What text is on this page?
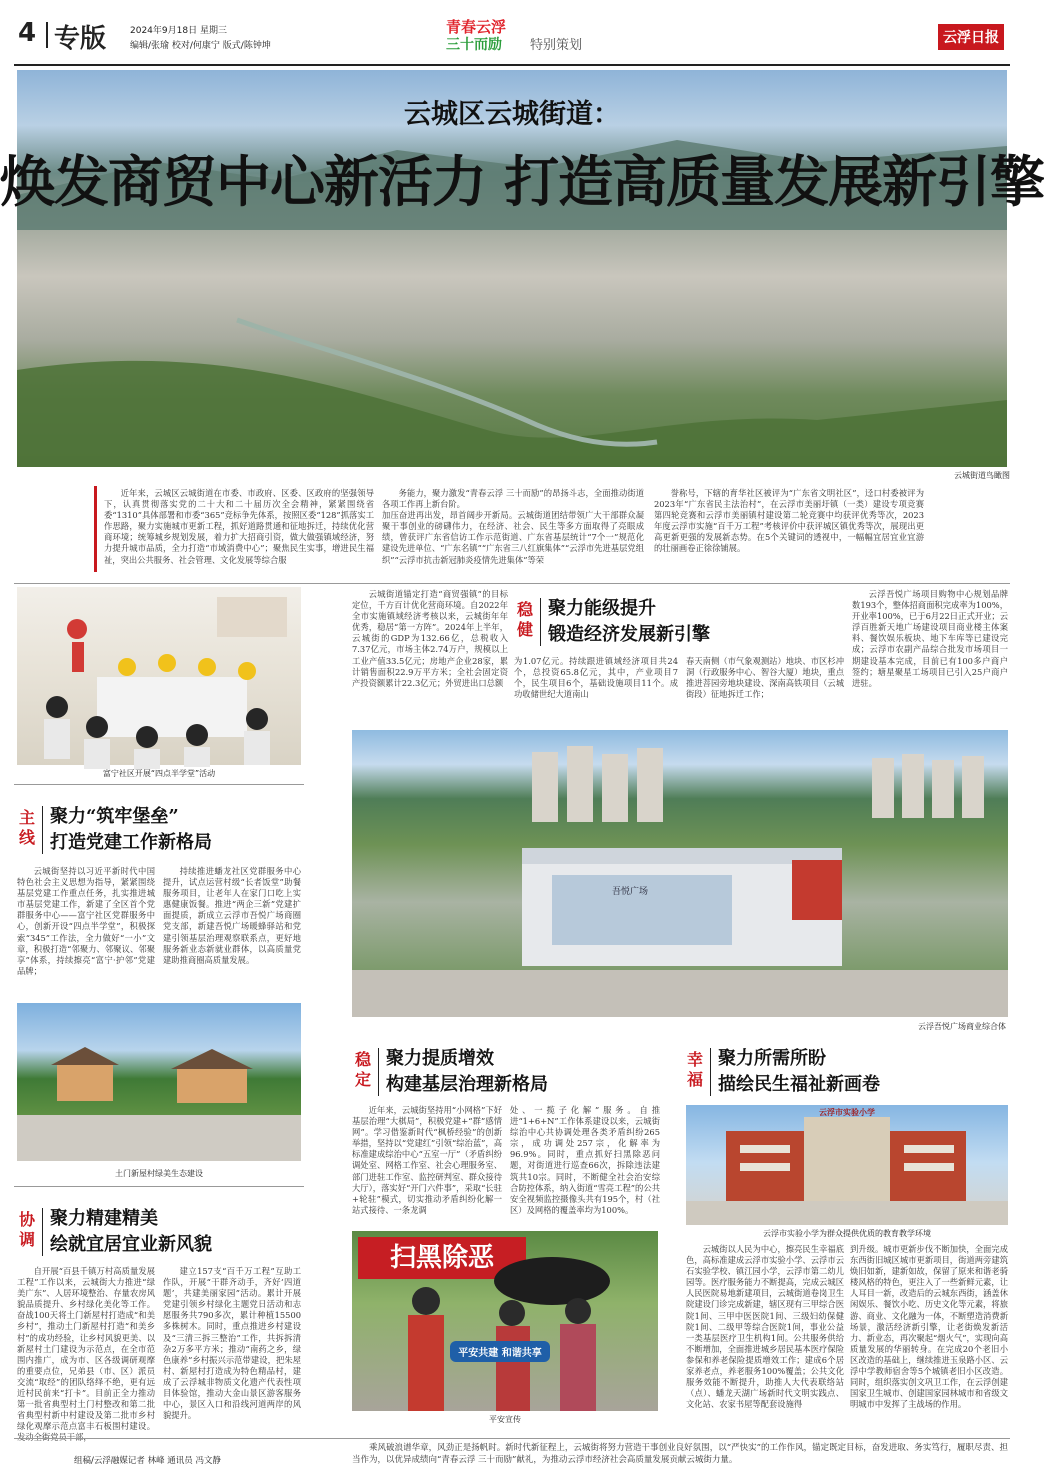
4 专版	2024年9月18日 星期三
编辑/张瑜 校对/何康宁 版式/陈钟坤
青春云浮
三十而励	特别策划	云浮日报
云城区云城街道：
焕发商贸中心新活力 打造高质量发展新引擎
云城街道鸟瞰图
近年来，云城区云城街道在市委、市政府、区委、区政府的坚强领导下，认真贯彻落实党的二十大和二十届历次全会精神，紧紧围绕省委“1310”具体部署和市委“365”竞标争先体系，按照区委“128”抓落实工作思路，聚力实施城市更新工程，抓好道路贯通和征地拆迁，持续优化营商环境；统筹城乡规划发展，着力扩大招商引资，做大做强镇域经济，努力提升城市品质，全力打造“市域消费中心”；聚焦民生实事，增进民生福祉，突出公共服务、社会管理、文化发展等综合服
务能力，聚力激发“青春云浮 三十而励”的昂扬斗志，全面推动街道各项工作再上新台阶。
加压奋进再出发，昂首阔步开新局。云城街道团结带领广大干部群众凝聚干事创业的磅礴伟力，在经济、社会、民生等多方面取得了亮眼成绩，曾获评广东省信访工作示范街道、广东省基层统计“7个一”规范化建设先进单位、“广东名镇”“广东省三八红旗集体”“云浮市先进基层党组织”“云浮市抗击新冠肺炎疫情先进集体”等荣
誉称号，下辖的育华社区被评为“广东省文明社区”，迳口村委被评为2023年“广东省民主法治村”，在云浮市美丽圩镇（一类）建设专项竞赛第四轮竞赛和云浮市美丽镇村建设第二轮竞赛中均获评优秀等次，2023年度云浮市实施“百千万工程”考核评价中获评城区镇优秀等次，展现出更高更新更强的发展新态势。在5个关键词的透视中，一幅幅宜居宜业宜游的壮丽画卷正徐徐铺展。
富宁社区开展“四点半学堂”活动
主
线
聚力“筑牢堡垒”
打造党建工作新格局
云城街坚持以习近平新时代中国特色社会主义思想为指导，紧紧围绕基层党建工作重点任务，扎实推进城市基层党建工作，新建了全区首个党群服务中心——富宁社区党群服务中心，创新开设“四点半学堂”，积极探索“345”工作法，全力做好“一小”文章，积极打造“邻聚力、邻聚议、邻聚享”体系，持续擦亮“富宁·护邻”党建品牌；
持续推进蟠龙社区党群服务中心提升，试点运营村级“长者饭堂”助餐服务项目，让老年人在家门口吃上实惠健康饭餐。推进“两企三新”党建扩面提质，新成立云浮市吾悦广场商圈党支部，新建吾悦广场暖蜂驿站和党建引领基层治理观察联系点，更好地服务新业态新就业群体，以高质量党建助推商圈高质量发展。
土门新屋村绿美生态建设
协
调
聚力精建精美
绘就宜居宜业新风貌
自开展“百县千镇万村高质量发展工程”工作以来，云城街大力推进“绿美广东”、人居环境整治、存量农房风貌品质提升、乡村绿化美化等工作。奋战100天将土门新屋村打造成“和美乡村”，推动土门新屋村打造“和美乡村”的成功经验，让乡村风貌更美、以新屋村土门建设为示范点，在全市范围内推广，成为市、区各级调研观摩的重要点位，兄弟县（市、区）派员交流“取经”的团队络绎不绝，更有远近村民前来“打卡”。目前正全力推动第一批省典型村土门村整改和第二批省典型村新中村建设及第二批市乡村绿化观摩示范点富丰石板围村建设。
建立157支“百千万工程”互助工作队，开展“干群齐动手，齐好‘四道题’，共建美丽家园”活动。累计开展党建引领乡村绿化主题党日活动和志愿服务共790多次，累计种植15500多株树木。同时，重点推进乡村建设及“三清三拆三整治”工作，共拆拆清杂2万多平方米；推动“南药之乡，绿色康养”乡村振兴示范带建设，把朱屋村、新屋村打造成为特色精品村，建成了云浮城非物质文化遗产代表性项目体验馆，推动大金山景区游客服务中心，景区入口和沿线河道两岸的风貌提升。
云城街道锚定打造“商贸强镇”的目标定位，千方百计优化营商环境。自2022年全市实施镇域经济考核以来，云城街年年优秀，稳居“第一方阵”。2024年上半年，云城街的GDP为132.66亿，总税收入7.37亿元，市场主体2.74万户，规模以上工业产值33.5亿元；房地产企业28家，累计销售面积22.9万平方米；全社会固定资产投资额累计22.3亿元；外贸进出口总额
稳
健
聚力能级提升
锻造经济发展新引擎
为1.07亿元。持续跟进镇域经济项目共24个，总投资65.8亿元，其中，产业项目7个，民生项目6个，基础设施项目11个。成功收储世纪大道南山
春天南侧（市气象观测站）地块、市区杉冲洞（行政服务中心、智谷大厦）地块，重点推进菩园旁地块建设、深南高铁项目（云城街段）征地拆迁工作；
云浮吾悦广场项目购物中心规划品牌数193个，整体招商面积完成率为100%，开业率100%，已于6月22日正式开业；云浮百胜新天地广场建设项目商业楼主体案料、餐饮娱乐板块、地下车库等已建设完成；云浮市农副产品综合批发市场项目一期建设基本完成，目前已有100多户商户签约；塘星聚星工场项目已引入25户商户进驻。
吾悦广场
云浮吾悦广场商业综合体
稳
定
聚力提质增效
构建基层治理新格局
近年来，云城街坚持用“小网格”下好基层治理“大棋局”，积极党建+“群”感情网”。学习借鉴新时代“枫桥经验”的创新举措，坚持以“党建红”引领“综治蓝”，高标准建成综治中心“五室一厅”（矛盾纠纷调处室、网格工作室、社会心理服务室、部门进驻工作室、监控研判室、群众接待大厅），落实好“开门六件事”，采取“长驻+轮驻”模式，切实推动矛盾纠纷化解一站式接待、一条龙调
处、一揽子化解”服务。自推进“1+6+N”工作体系建设以来，云城街综治中心共协调处理各类矛盾纠纷265宗，成功调处257宗，化解率为96.9%。同时，重点抓好扫黑除恶问题，对街道进行巡查66次，拆除违法建筑共10宗。同时，不断健全社会治安综合防控体系，纳入街道“雪亮工程”的公共安全视频监控摄像头共有195个，村（社区）及网格的覆盖率均为100%。
扫黑除恶
平安共建 和谐共享
平安宣传
幸
福
聚力所需所盼
描绘民生福祉新画卷
云浮市实验小学
云浮市实验小学为群众提供优质的教育教学环境
云城街以人民为中心，擦亮民生幸福底色，高标准建成云浮市实验小学、云浮市云石实验学校、镇江园小学，云浮市第二幼儿园等。医疗服务能力不断提高，完成云城区人民医院易地新建项目，云城街道卷岗卫生院建设门诊完成新建，辖区现有三甲综合医院1间、三甲中医医院1间、三级妇幼保健院1间、二级甲等综合医院1间，事业公益一类基层医疗卫生机构1间。公共服务供给不断增加，全面推进城乡居民基本医疗保险参保和养老保险提质增效工作；建成6个居家养老点，养老服务100%覆盖；公共文化服务效能不断提升，助推人大代表联络站（点）、蟠龙天湖广场新时代文明实践点、文化站、农家书屋等配套设施得
到升级。城市更新步伐不断加快，全面完成东西街旧城区城市更新项目，街道两旁建筑焕旧如新，建新如故，保留了原来和谐老骑楼风格的特色，更注入了一些新鲜元素，让人耳目一新，改造后的云城东西街，涵盖休闲娱乐、餐饮小吃、历史文化等元素，将旅游、商业、文化融为一体，不断塑造消费新场景，激活经济新引擎，让老街焕发新活力、新业态，再次聚起“烟火气”，实现向高质量发展的华丽转身。在完成20个老旧小区改造的基础上，继续推进玉泉路小区、云浮中学教师宿舍等5个城镇老旧小区改造。同时，组织落实创文巩卫工作，在云浮创建国家卫生城市、创建国家园林城市和省级文明城市中发挥了主战场的作用。
组稿/云浮融媒记者 林峰 通讯员 冯文静
乘风破浪谱华章，风劲正是扬帆时。新时代新征程上，云城街将努力营造干事创业良好氛围，以“严快实”的工作作风，锚定既定目标，奋发进取、务实笃行，履职尽责、担当作为，以优异成绩向“青春云浮 三十而励”献礼，为推动云浮市经济社会高质量发展贡献云城街力量。
